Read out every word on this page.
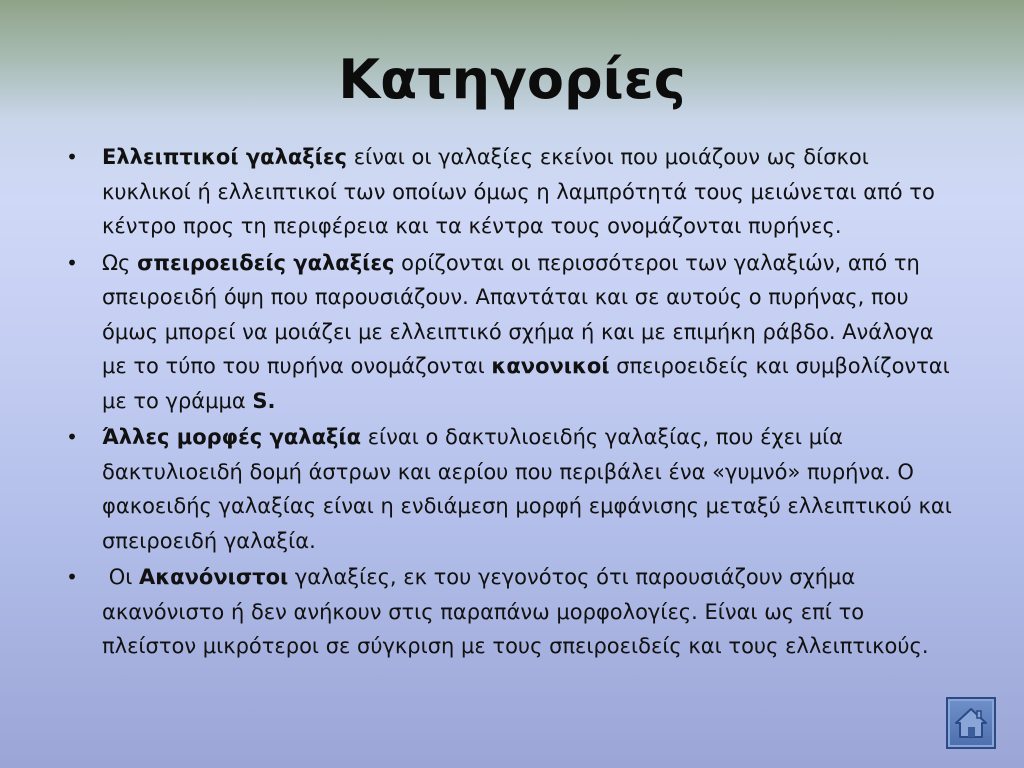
Κατηγορίες
• Ελλειπτικοί γαλαξίες είναι οι γαλαξίες εκείνοι που μοιάζουν ως δίσκοι κυκλικοί ή ελλειπτικοί των οποίων όμως η λαμπρότητά τους μειώνεται από το κέντρο προς τη περιφέρεια και τα κέντρα τους ονομάζονται πυρήνες.
• Ως σπειροειδείς γαλαξίες ορίζονται οι περισσότεροι των γαλαξιών, από τη σπειροειδή όψη που παρουσιάζουν. Απαντάται και σε αυτούς ο πυρήνας, που όμως μπορεί να μοιάζει με ελλειπτικό σχήμα ή και με επιμήκη ράβδο. Ανάλογα με το τύπο του πυρήνα ονομάζονται κανονικοί σπειροειδείς και συμβολίζονται με το γράμμα S.
• Άλλες μορφές γαλαξία είναι ο δακτυλιοειδής γαλαξίας, που έχει μία δακτυλιοειδή δομή άστρων και αερίου που περιβάλει ένα «γυμνό» πυρήνα. Ο φακοειδής γαλαξίας είναι η ενδιάμεση μορφή εμφάνισης μεταξύ ελλειπτικού και σπειροειδή γαλαξία.
• Οι Ακανόνιστοι γαλαξίες, εκ του γεγονότος ότι παρουσιάζουν σχήμα ακανόνιστο ή δεν ανήκουν στις παραπάνω μορφολογίες. Είναι ως επί το πλείστον μικρότεροι σε σύγκριση με τους σπειροειδείς και τους ελλειπτικούς.
